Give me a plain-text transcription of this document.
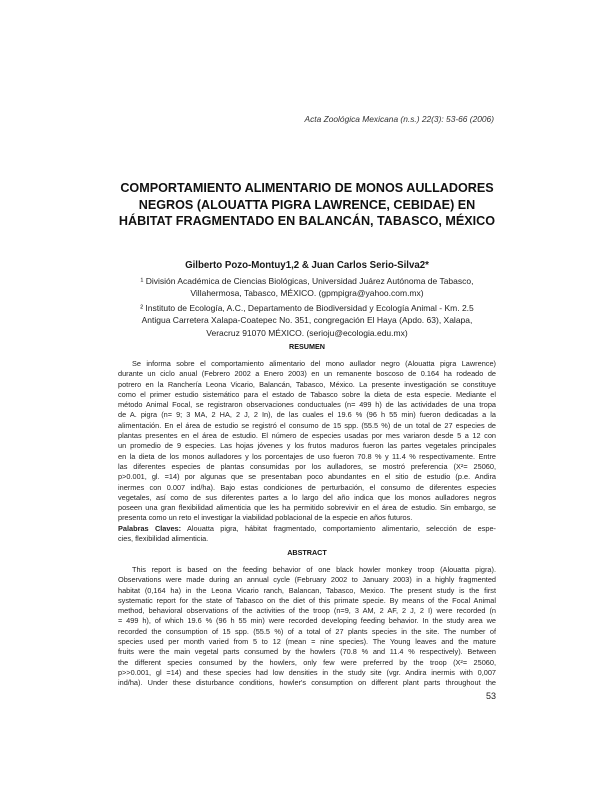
Acta Zoológica Mexicana (n.s.) 22(3): 53-66 (2006)
COMPORTAMIENTO ALIMENTARIO DE MONOS AULLADORES
NEGROS (ALOUATTA PIGRA LAWRENCE, CEBIDAE) EN
HÁBITAT FRAGMENTADO EN BALANCÁN, TABASCO, MÉXICO
Gilberto Pozo-Montuy1,2 & Juan Carlos Serio-Silva2*
¹ División Académica de Ciencias Biológicas, Universidad Juárez Autónoma de Tabasco,
Villahermosa, Tabasco, MÉXICO. (gpmpigra@yahoo.com.mx)
² Instituto de Ecología, A.C., Departamento de Biodiversidad y Ecología Animal - Km. 2.5
Antigua Carretera Xalapa-Coatepec No. 351, congregación El Haya (Apdo. 63), Xalapa,
Veracruz 91070 MÉXICO. (serioju@ecologia.edu.mx)
RESUMEN
Se informa sobre el comportamiento alimentario del mono aullador negro (Alouatta pigra Lawrence)
durante un ciclo anual (Febrero 2002 a Enero 2003) en un remanente boscoso de 0.164 ha rodeado de
potrero en la Ranchería Leona Vicario, Balancán, Tabasco, México. La presente investigación se constituye
como el primer estudio sistemático para el estado de Tabasco sobre la dieta de esta especie. Mediante el
método Animal Focal, se registraron observaciones conductuales (n= 499 h) de las actividades de una tropa
de A. pigra (n= 9; 3 MA, 2 HA, 2 J, 2 In), de las cuales el 19.6 % (96 h 55 min) fueron dedicadas a la
alimentación. En el área de estudio se registró el consumo de 15 spp. (55.5 %) de un total de 27 especies de
plantas presentes en el área de estudio. El número de especies usadas por mes variaron desde 5 a 12 con
un promedio de 9 especies. Las hojas jóvenes y los frutos maduros fueron las partes vegetales principales
en la dieta de los monos aulladores y los porcentajes de uso fueron 70.8 % y 11.4 % respectivamente. Entre
las diferentes especies de plantas consumidas por los aulladores, se mostró preferencia (X²= 25060,
p>0.001, gl. =14) por algunas que se presentaban poco abundantes en el sitio de estudio (p.e. Andira
inermes con 0.007 ind/ha). Bajo estas condiciones de perturbación, el consumo de diferentes especies
vegetales, así como de sus diferentes partes a lo largo del año indica que los monos aulladores negros
poseen una gran flexibilidad alimenticia que les ha permitido sobrevivir en el área de estudio. Sin embargo, se
presenta como un reto el investigar la viabilidad poblacional de la especie en años futuros.
Palabras Claves: Alouatta pigra, hábitat fragmentado, comportamiento alimentario, selección de espe-
cies, flexibilidad alimenticia.
ABSTRACT
This report is based on the feeding behavior of one black howler monkey troop (Alouatta pigra).
Observations were made during an annual cycle (February 2002 to January 2003) in a highly fragmented
habitat (0,164 ha) in the Leona Vicario ranch, Balancan, Tabasco, Mexico. The present study is the first
systematic report for the state of Tabasco on the diet of this primate specie. By means of the Focal Animal
method, behavioral observations of the activities of the troop (n=9, 3 AM, 2 AF, 2 J, 2 I) were recorded (n
= 499 h), of which 19.6 % (96 h 55 min) were recorded developing feeding behavior. In the study area we
recorded the consumption of 15 spp. (55.5 %) of a total of 27 plants species in the site. The number of
species used per month varied from 5 to 12 (mean = nine species). The Young leaves and the mature
fruits were the main vegetal parts consumed by the howlers (70.8 % and 11.4 % respectively). Between
the different species consumed by the howlers, only few were preferred by the troop (X²= 25060,
p>>0.001, gl =14) and these species had low densities in the study site (vgr. Andira inermis with 0,007
ind/ha). Under these disturbance conditions, howler's consumption on different plant parts throughout the
53
